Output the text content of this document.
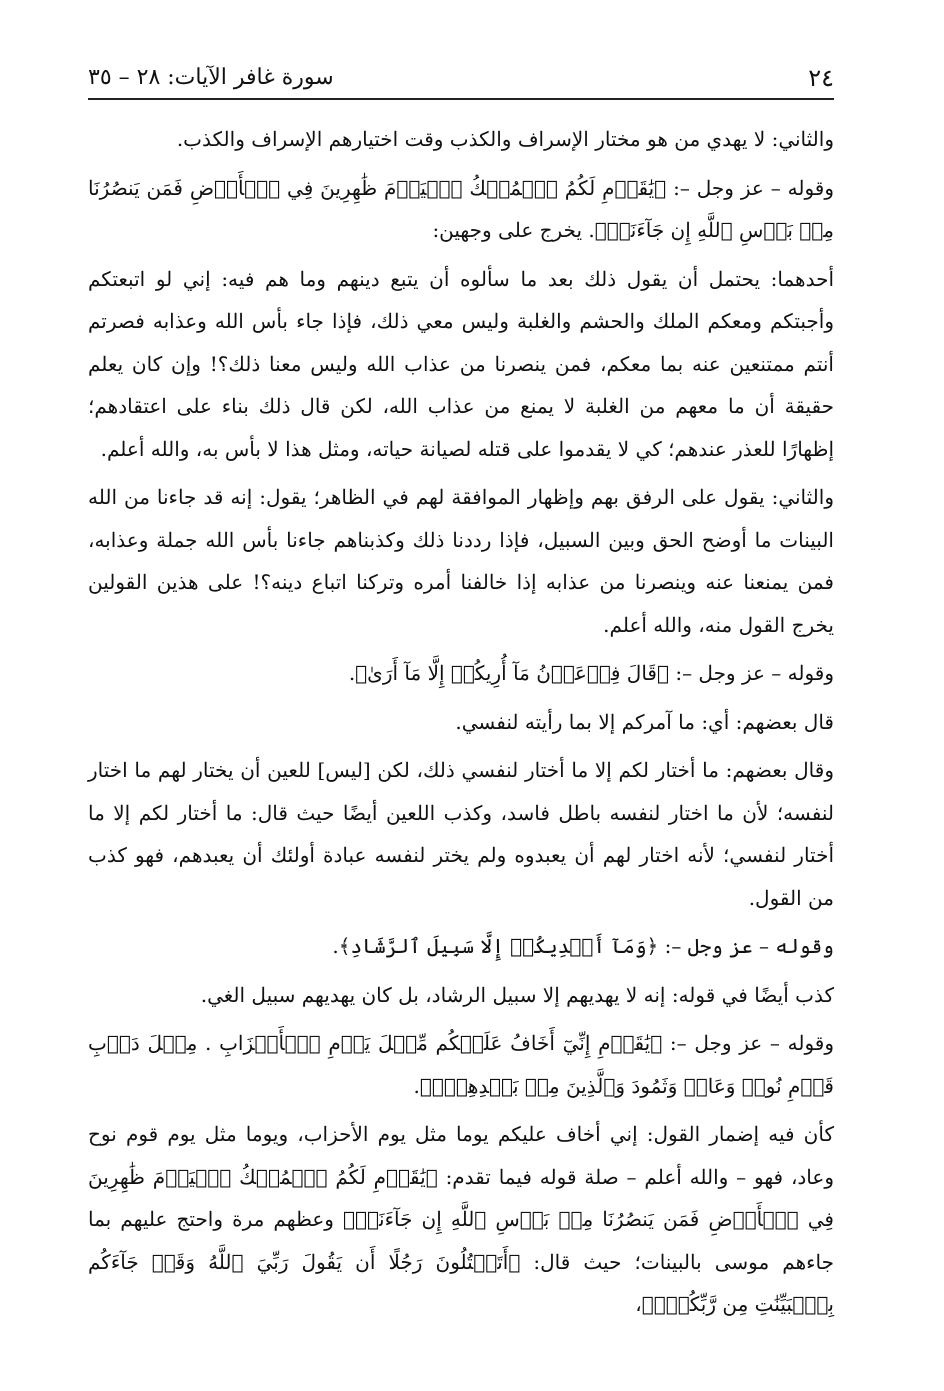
٢٤
سورة غافر الآيات: ٢٨ – ٣٥

والثاني: لا يهدي من هو مختار الإسراف والكذب وقت اختيارهم الإسراف والكذب.

وقوله – عز وجل –: ﴿يَٰقَوۡمِ لَكُمُ ٱلۡمُلۡكُ ٱلۡيَوۡمَ ظَٰهِرِينَ فِي ٱلۡأَرۡضِ فَمَن يَنصُرُنَا مِنۢ بَأۡسِ ٱللَّهِ إِن جَآءَنَاۚ﴾. يخرج على وجهين:

أحدهما: يحتمل أن يقول ذلك بعد ما سألوه أن يتبع دينهم وما هم فيه: إني لو اتبعتكم وأجبتكم ومعكم الملك والحشم والغلبة وليس معي ذلك، فإذا جاء بأس الله وعذابه فصرتم أنتم ممتنعين عنه بما معكم، فمن ينصرنا من عذاب الله وليس معنا ذلك؟! وإن كان يعلم حقيقة أن ما معهم من الغلبة لا يمنع من عذاب الله، لكن قال ذلك بناء على اعتقادهم؛ إظهارًا للعذر عندهم؛ كي لا يقدموا على قتله لصيانة حياته، ومثل هذا لا بأس به، والله أعلم.

والثاني: يقول على الرفق بهم وإظهار الموافقة لهم في الظاهر؛ يقول: إنه قد جاءنا من الله البينات ما أوضح الحق وبين السبيل، فإذا رددنا ذلك وكذبناهم جاءنا بأس الله جملة وعذابه، فمن يمنعنا عنه وينصرنا من عذابه إذا خالفنا أمره وتركنا اتباع دينه؟! على هذين القولين يخرج القول منه، والله أعلم.

وقوله – عز وجل –: ﴿قَالَ فِرۡعَوۡنُ مَآ أُرِيكُمۡ إِلَّا مَآ أَرَىٰ﴾.

قال بعضهم: أي: ما آمركم إلا بما رأيته لنفسي.

وقال بعضهم: ما أختار لكم إلا ما أختار لنفسي ذلك، لكن [ليس] للعين أن يختار لهم ما اختار لنفسه؛ لأن ما اختار لنفسه باطل فاسد، وكذب اللعين أيضًا حيث قال: ما أختار لكم إلا ما أختار لنفسي؛ لأنه اختار لهم أن يعبدوه ولم يختر لنفسه عبادة أولئك أن يعبدهم، فهو كذب من القول.

وقوله – عز وجل –: ﴿وَمَآ أَهۡدِيكُمۡ إِلَّا سَبِيلَ ٱلرَّشَادِ﴾.

كذب أيضًا في قوله: إنه لا يهديهم إلا سبيل الرشاد، بل كان يهديهم سبيل الغي.

وقوله – عز وجل –: ﴿يَٰقَوۡمِ إِنِّيٓ أَخَافُ عَلَيۡكُم مِّثۡلَ يَوۡمِ ٱلۡأَحۡزَابِ . مِثۡلَ دَأۡبِ قَوۡمِ نُوحٖ وَعَادٖ وَثَمُودَ وَٱلَّذِينَ مِنۢ بَعۡدِهِمۡۚ﴾.

كأن فيه إضمار القول: إني أخاف عليكم يوما مثل يوم الأحزاب، ويوما مثل يوم قوم نوح وعاد، فهو – والله أعلم – صلة قوله فيما تقدم: ﴿يَٰقَوۡمِ لَكُمُ ٱلۡمُلۡكُ ٱلۡيَوۡمَ ظَٰهِرِينَ فِي ٱلۡأَرۡضِ فَمَن يَنصُرُنَا مِنۢ بَأۡسِ ٱللَّهِ إِن جَآءَنَاۚ﴾ وعظهم مرة واحتج عليهم بما جاءهم موسى بالبينات؛ حيث قال: ﴿أَتَقۡتُلُونَ رَجُلًا أَن يَقُولَ رَبِّيَ ٱللَّهُ وَقَدۡ جَآءَكُم بِٱلۡبَيِّنَٰتِ مِن رَّبِّكُمۡۖ﴾،
